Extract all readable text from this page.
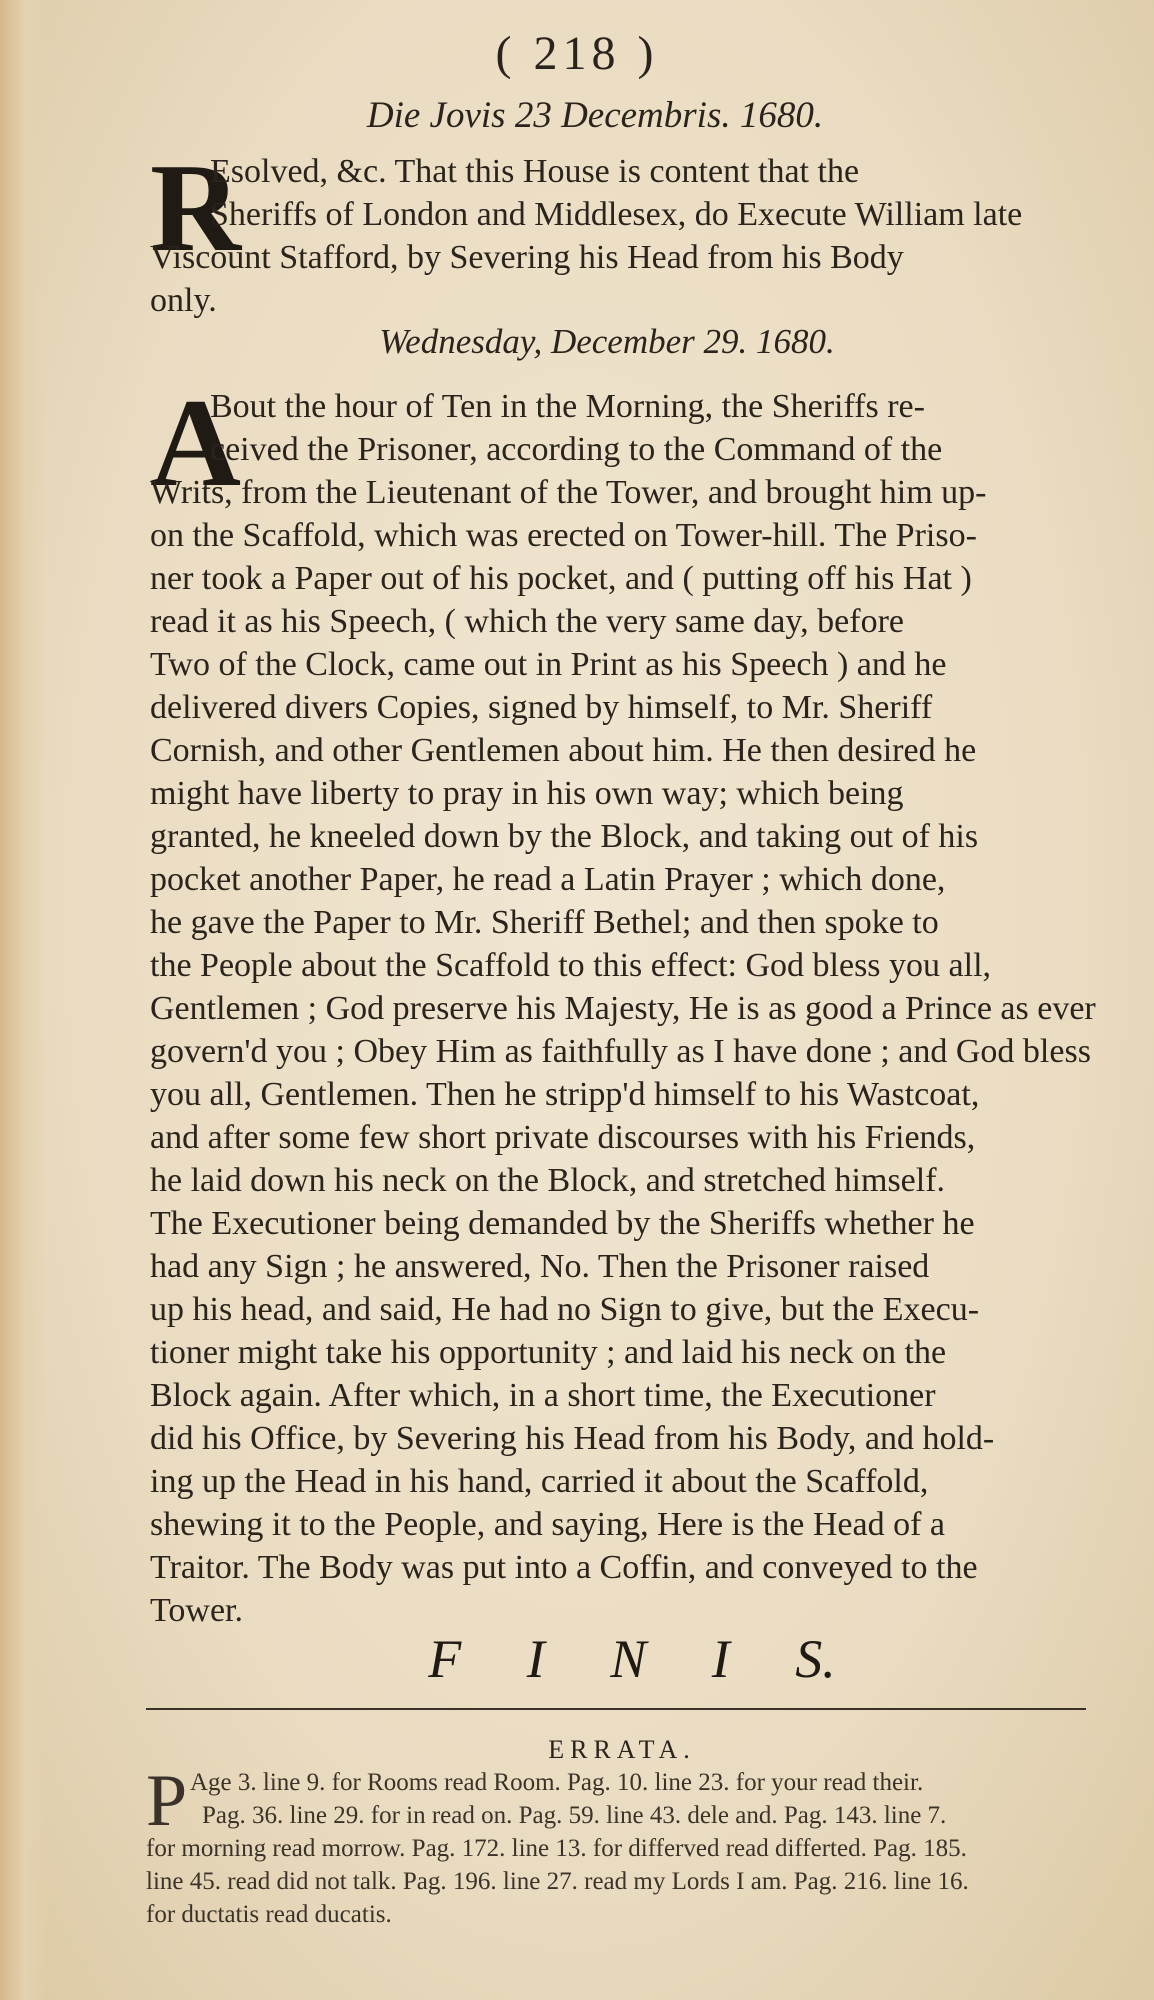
( 218 )
Die Jovis 23 Decembris. 1680.
R
Esolved, &c. That this House is content that the
Sheriffs of London and Middlesex, do Execute William late
Viscount Stafford, by Severing his Head from his Body
only.
Wednesday, December 29. 1680.
A
Bout the hour of Ten in the Morning, the Sheriffs re-
ceived the Prisoner, according to the Command of the
Writs, from the Lieutenant of the Tower, and brought him up-
on the Scaffold, which was erected on Tower-hill. The Priso-
ner took a Paper out of his pocket, and ( putting off his Hat )
read it as his Speech, ( which the very same day, before
Two of the Clock, came out in Print as his Speech ) and he
delivered divers Copies, signed by himself, to Mr. Sheriff
Cornish, and other Gentlemen about him. He then desired he
might have liberty to pray in his own way; which being
granted, he kneeled down by the Block, and taking out of his
pocket another Paper, he read a Latin Prayer ; which done,
he gave the Paper to Mr. Sheriff Bethel; and then spoke to
the People about the Scaffold to this effect: God bless you all,
Gentlemen ; God preserve his Majesty, He is as good a Prince as ever
govern'd you ; Obey Him as faithfully as I have done ; and God bless
you all, Gentlemen. Then he stripp'd himself to his Wastcoat,
and after some few short private discourses with his Friends,
he laid down his neck on the Block, and stretched himself.
The Executioner being demanded by the Sheriffs whether he
had any Sign ; he answered, No. Then the Prisoner raised
up his head, and said, He had no Sign to give, but the Execu-
tioner might take his opportunity ; and laid his neck on the
Block again. After which, in a short time, the Executioner
did his Office, by Severing his Head from his Body, and hold-
ing up the Head in his hand, carried it about the Scaffold,
shewing it to the People, and saying, Here is the Head of a
Traitor. The Body was put into a Coffin, and conveyed to the
Tower.
F I N I S.
ERRATA.
P Age 3. line 9. for Rooms read Room. Pag. 10. line 23. for your read their.
Pag. 36. line 29. for in read on. Pag. 59. line 43. dele and. Pag. 143. line 7.
for morning read morrow. Pag. 172. line 13. for differved read differted. Pag. 185.
line 45. read did not talk. Pag. 196. line 27. read my Lords I am. Pag. 216. line 16.
for ductatis read ducatis.
